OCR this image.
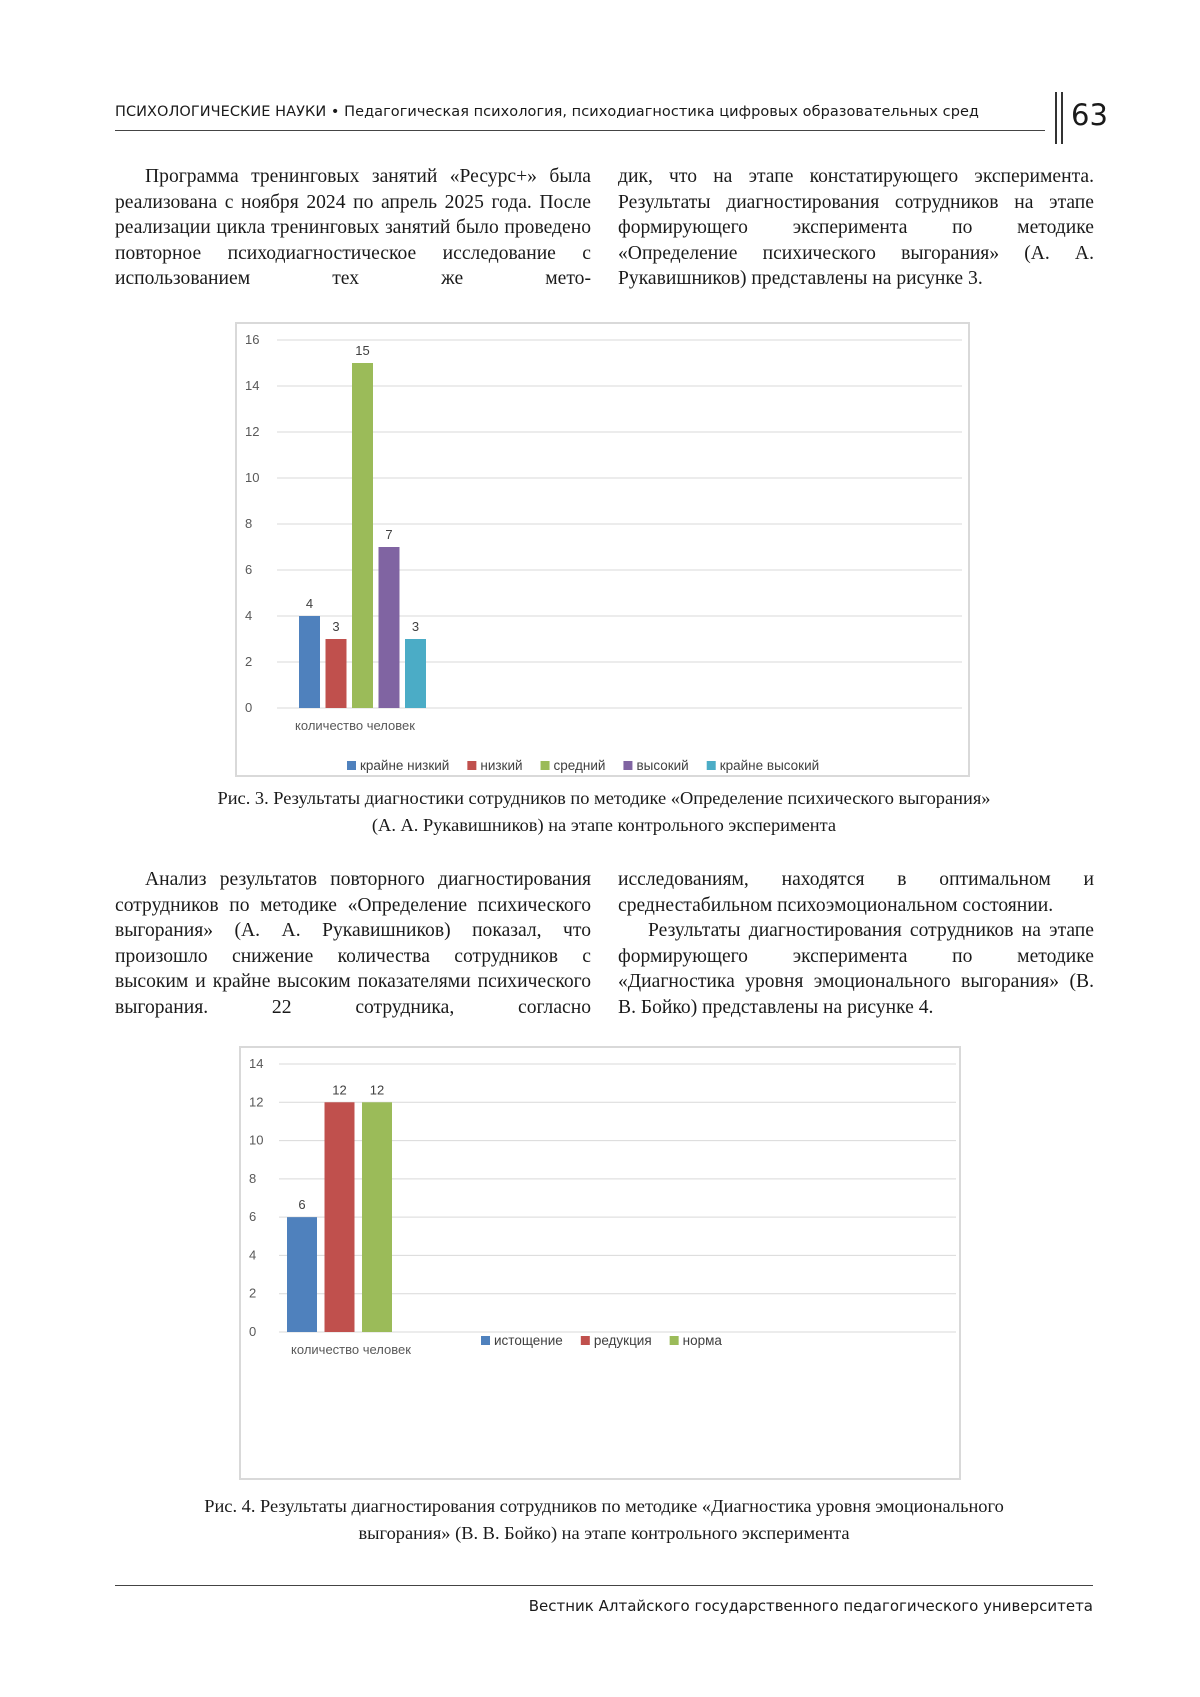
ПСИХОЛОГИЧЕСКИЕ НАУКИ • Педагогическая психология, психодиагностика цифровых образовательных сред	63

Программа тренинговых занятий «Ресурс+» была реализована с ноября 2024 по апрель 2025 года. После реализации цикла тренинговых занятий было проведено повторное психодиагностическое исследование с использованием тех же мето-

дик, что на этапе констатирующего эксперимента. Результаты диагностирования сотрудников на этапе формирующего эксперимента по методике «Определение психического выгорания» (А. А. Рукавишников) представлены на рисунке 3.

0
2
4
6
8
10
12
14
16
4
3
15
7
3
количество человек
крайне низкий низкий средний высокий крайне высокий
Рис. 3. Результаты диагностики сотрудников по методике «Определение психического выгорания»
(А. А. Рукавишников) на этапе контрольного эксперимента

Анализ результатов повторного диагностирования сотрудников по методике «Определение психического выгорания» (А. А. Рукавишников) показал, что произошло снижение количества сотрудников с высоким и крайне высоким показателями психического выгорания. 22 сотрудника, согласно

исследованиям, находятся в оптимальном и среднестабильном психоэмоциональном состоянии.

Результаты диагностирования сотрудников на этапе формирующего эксперимента по методике «Диагностика уровня эмоционального выгорания» (В. В. Бойко) представлены на рисунке 4.

0
2
4
6
8
10
12
14
6
12 12
количество человек
истощение редукция норма
Рис. 4. Результаты диагностирования сотрудников по методике «Диагностика уровня эмоционального
выгорания» (В. В. Бойко) на этапе контрольного эксперимента
Вестник Алтайского государственного педагогического университета
